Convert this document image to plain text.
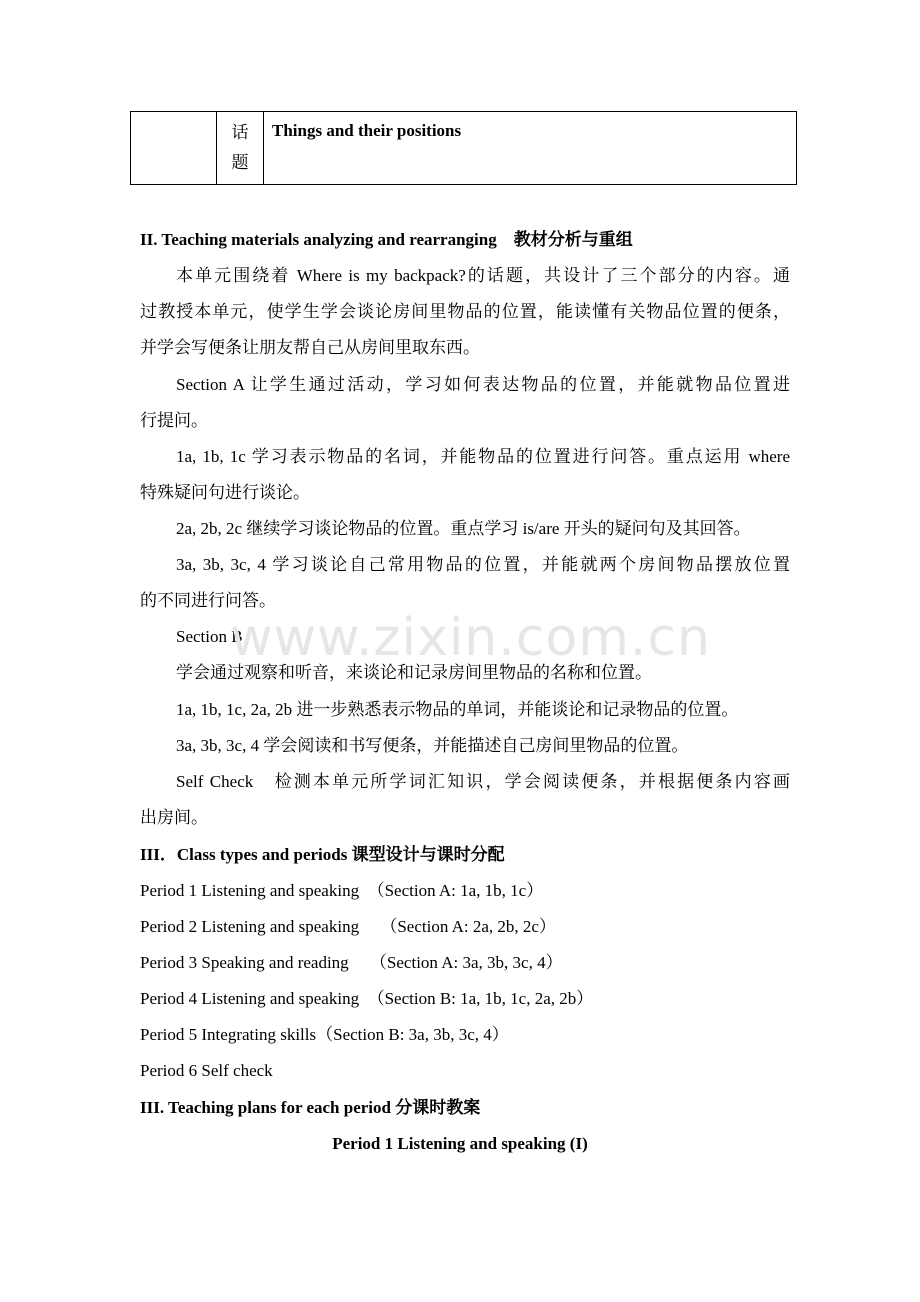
话
题
Things and their positions
II. Teaching materials analyzing and rearranging　教材分析与重组
本单元围绕着 Where is my backpack?的话题，共设计了三个部分的内容。通
过教授本单元，使学生学会谈论房间里物品的位置，能读懂有关物品位置的便条，
并学会写便条让朋友帮自己从房间里取东西。
Section A 让学生通过活动，学习如何表达物品的位置，并能就物品位置进
行提问。
1a, 1b, 1c 学习表示物品的名词，并能物品的位置进行问答。重点运用 where
特殊疑问句进行谈论。
2a, 2b, 2c 继续学习谈论物品的位置。重点学习 is/are 开头的疑问句及其回答。
3a, 3b, 3c, 4 学习谈论自己常用物品的位置，并能就两个房间物品摆放位置
的不同进行问答。
Section B
学会通过观察和听音，来谈论和记录房间里物品的名称和位置。
1a, 1b, 1c, 2a, 2b 进一步熟悉表示物品的单词，并能谈论和记录物品的位置。
3a, 3b, 3c, 4 学会阅读和书写便条，并能描述自己房间里物品的位置。
Self Check　检测本单元所学词汇知识，学会阅读便条，并根据便条内容画
出房间。
III．Class types and periods 课型设计与课时分配
Period 1 Listening and speaking　（Section A: 1a, 1b, 1c）
Period 2 Listening and speaking　 （Section A: 2a, 2b, 2c）
Period 3 Speaking and reading　 （Section A: 3a, 3b, 3c, 4）
Period 4 Listening and speaking　（Section B: 1a, 1b, 1c, 2a, 2b）
Period 5 Integrating skills（Section B: 3a, 3b, 3c, 4）
Period 6 Self check
III. Teaching plans for each period 分课时教案
Period 1 Listening and speaking (I)
www.zixin.com.cn
